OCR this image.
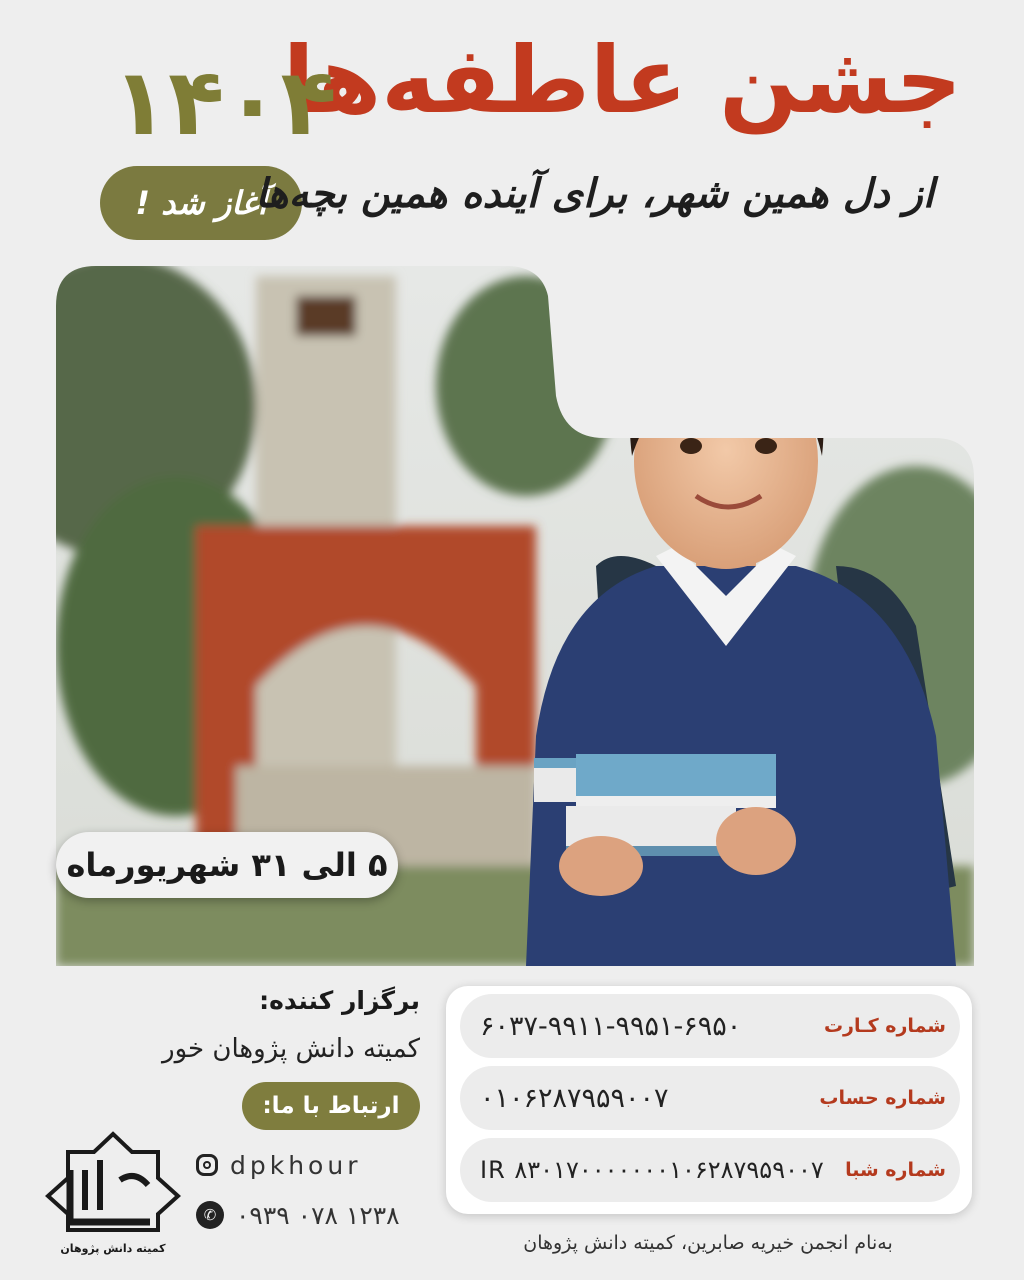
جشن عاطفه‌ها
۱۴۰۴
آغاز شد !
از دل همین شهر، برای آینده همین بچه‌ها
۵ الی ۳۱ شهریورماه
برگزار کننده:
کمیته دانش پژوهان خور
ارتباط با ما:
dpkhour
✆ ۰۹۳۹ ۰۷۸ ۱۲۳۸
کمیته دانش پژوهان
۶۰۳۷-۹۹۱۱-۹۹۵۱-۶۹۵۰	شماره کـارت
۰۱۰۶۲۸۷۹۵۹۰۰۷	شماره حساب
IR ۸۳۰۱۷۰۰۰۰۰۰۰۱۰۶۲۸۷۹۵۹۰۰۷ شماره شبا
به‌نام انجمن خیریه صابرین، کمیته دانش پژوهان
